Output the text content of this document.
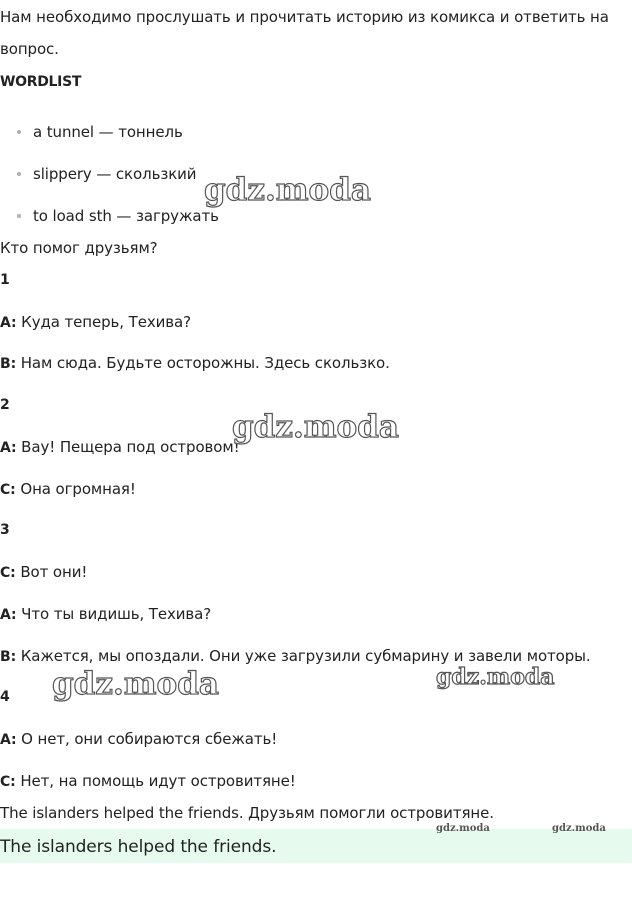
Нам необходимо прослушать и прочитать историю из комикса и ответить на
вопрос.
WORDLIST
a tunnel — тоннель
slippery — скользкий
to load sth — загружать
Кто помог друзьям?
1
A: Куда теперь, Техива?
B: Нам сюда. Будьте осторожны. Здесь скользко.
2
A: Вау! Пещера под островом!
C: Она огромная!
3
C: Вот они!
A: Что ты видишь, Техива?
B: Кажется, мы опоздали. Они уже загрузили субмарину и завели моторы.
4
A: О нет, они собираются сбежать!
C: Нет, на помощь идут островитяне!
The islanders helped the friends. Друзьям помогли островитяне.
The islanders helped the friends.
gdz.moda
gdz.moda
gdz.moda	gdz.moda
gdz.moda	gdz.moda
